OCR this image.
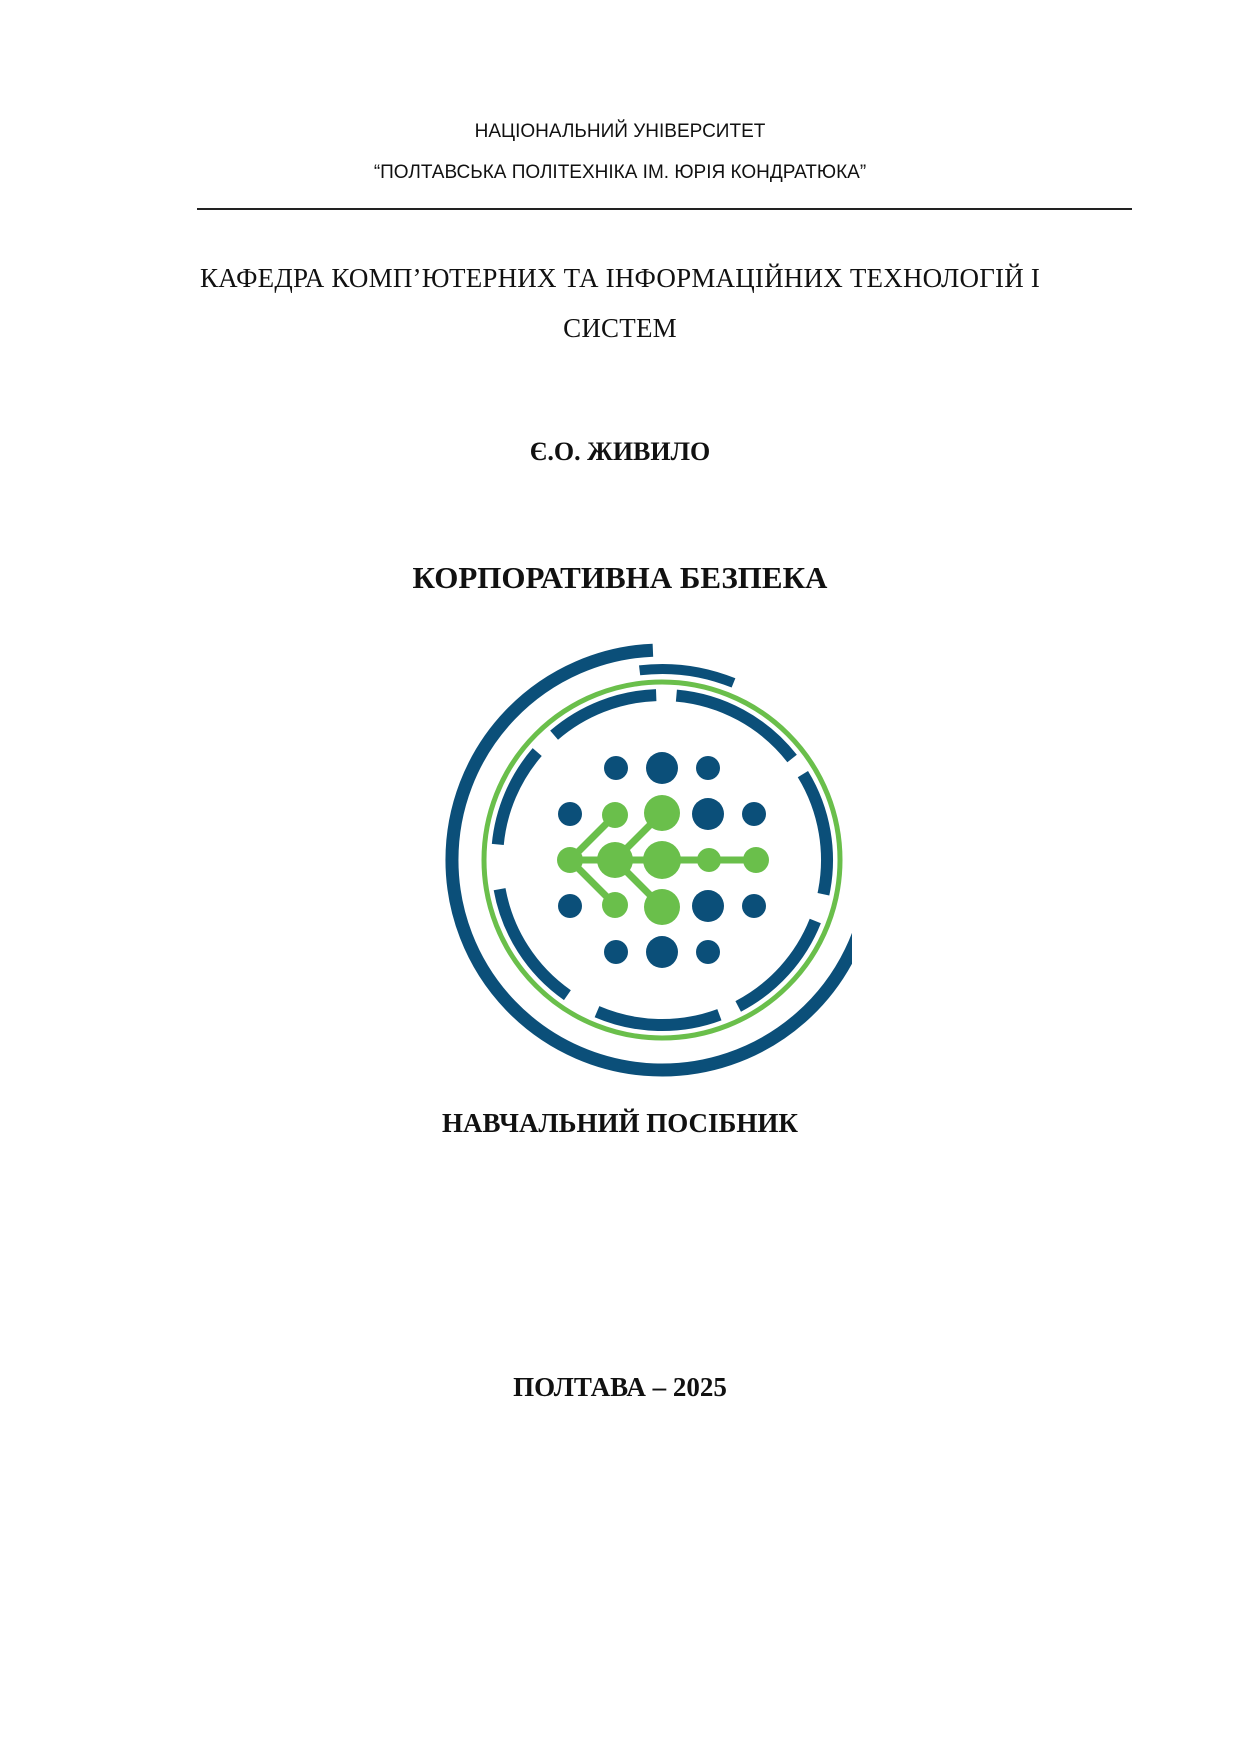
НАЦІОНАЛЬНИЙ УНІВЕРСИТЕТ
“ПОЛТАВСЬКА ПОЛІТЕХНІКА ІМ. ЮРІЯ КОНДРАТЮКА”
КАФЕДРА КОМП’ЮТЕРНИХ ТА ІНФОРМАЦІЙНИХ ТЕХНОЛОГІЙ І
СИСТЕМ
Є.О. ЖИВИЛО
КОРПОРАТИВНА БЕЗПЕКА
НАВЧАЛЬНИЙ ПОСІБНИК
ПОЛТАВА – 2025
